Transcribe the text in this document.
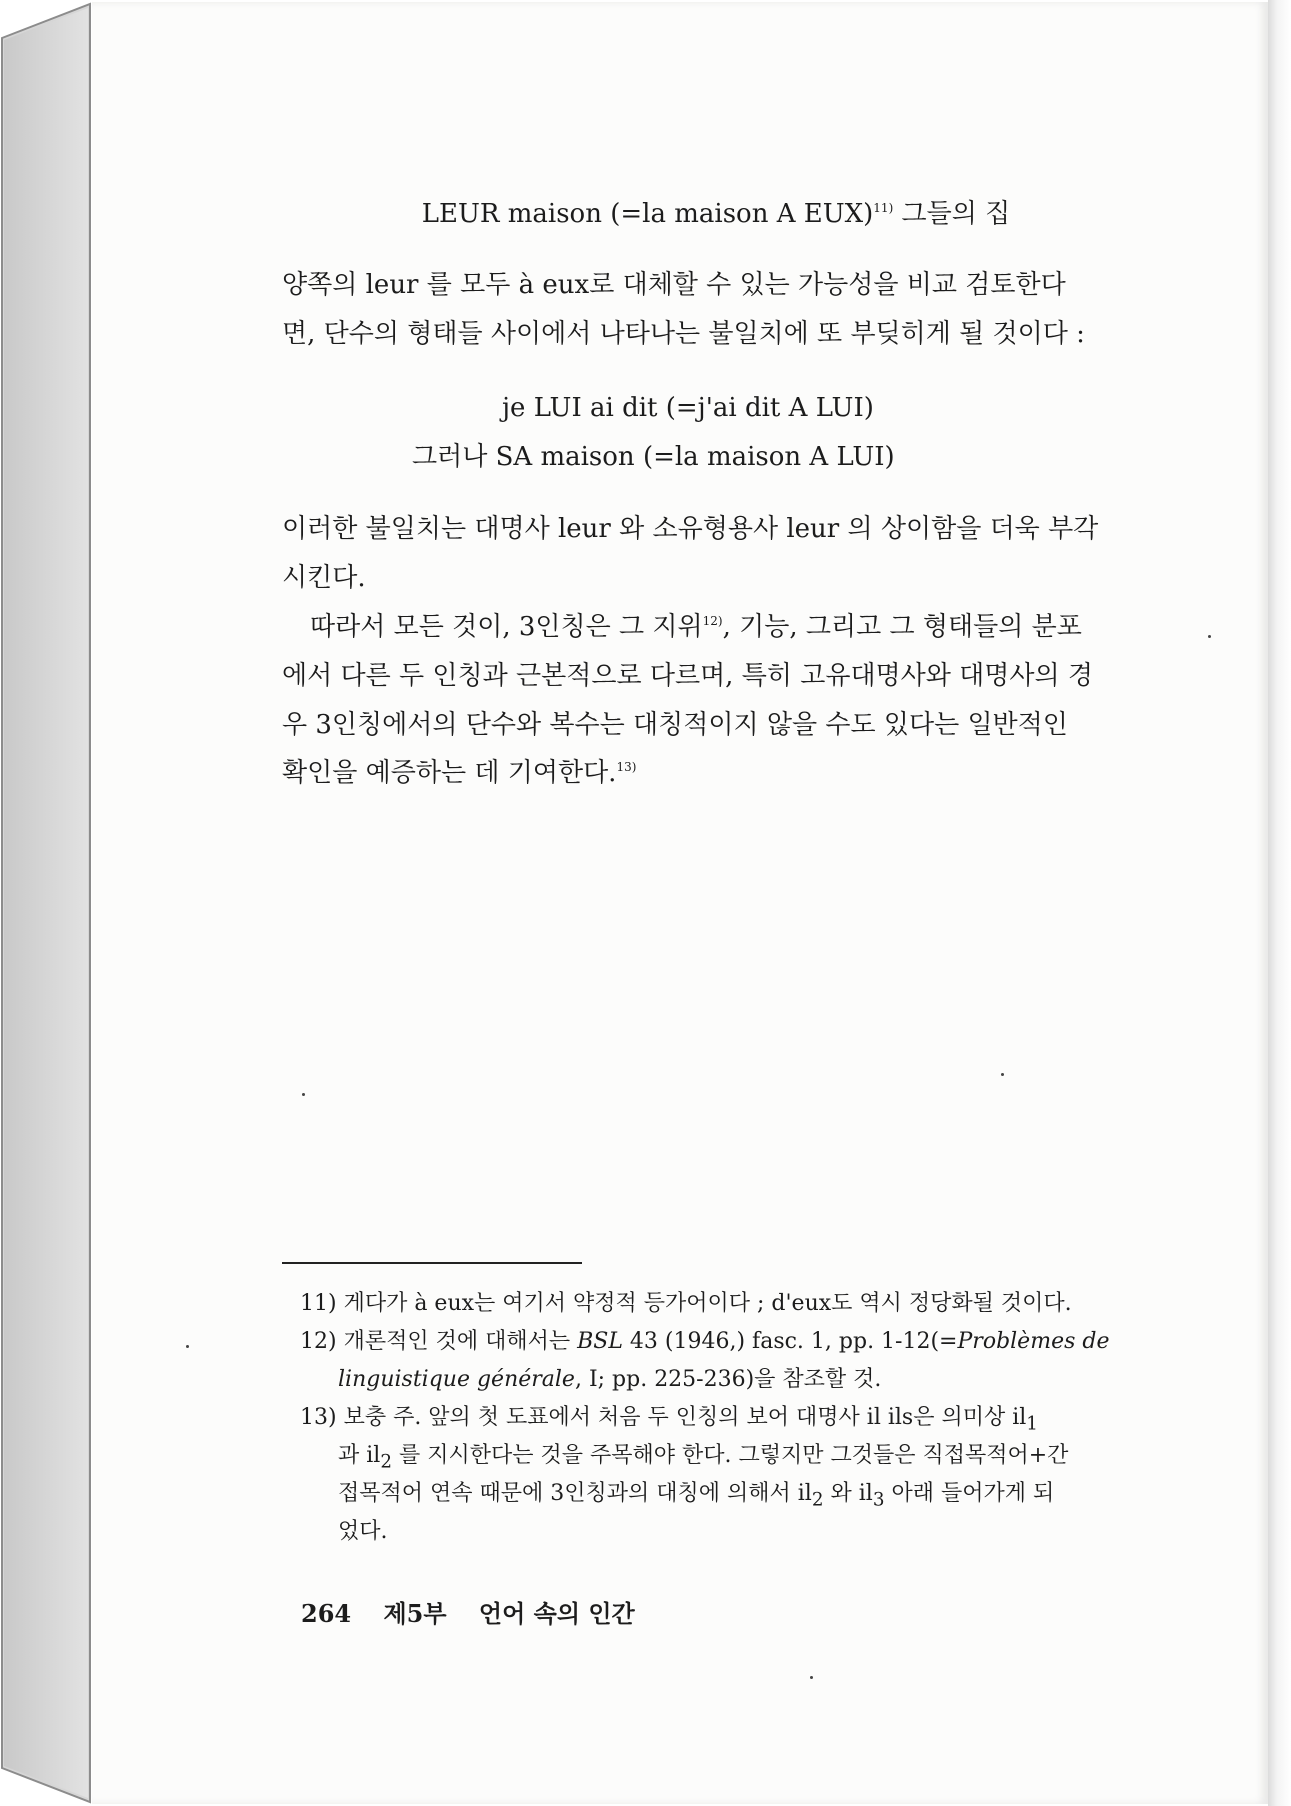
LEUR maison (=la maison A EUX)$^{11)}$ 그들의 집
양쪽의 leur 를 모두 à eux로 대체할 수 있는 가능성을 비교 검토한다
면, 단수의 형태들 사이에서 나타나는 불일치에 또 부딪히게 될 것이다 :
je LUI ai dit (=j'ai dit A LUI)
그러나 SA maison (=la maison A LUI)
이러한 불일치는 대명사 leur 와 소유형용사 leur 의 상이함을 더욱 부각
시킨다.
따라서 모든 것이, 3인칭은 그 지위$^{12)}$, 기능, 그리고 그 형태들의 분포
에서 다른 두 인칭과 근본적으로 다르며, 특히 고유대명사와 대명사의 경
우 3인칭에서의 단수와 복수는 대칭적이지 않을 수도 있다는 일반적인
확인을 예증하는 데 기여한다.$^{13)}$
11) 게다가 à eux는 여기서 약정적 등가어이다 ; d'eux도 역시 정당화될 것이다.
12) 개론적인 것에 대해서는 BSL 43 (1946,) fasc. 1, pp. 1-12(=Problèmes de
linguistique générale, I; pp. 225-236)을 참조할 것.
13) 보충 주. 앞의 첫 도표에서 처음 두 인칭의 보어 대명사 il ils은 의미상 $il_1$
과 $il_2$ 를 지시한다는 것을 주목해야 한다. 그렇지만 그것들은 직접목적어+간
접목적어 연속 때문에 3인칭과의 대칭에 의해서 $il_2$ 와 $il_3$ 아래 들어가게 되
었다.
264 제5부 언어 속의 인간
